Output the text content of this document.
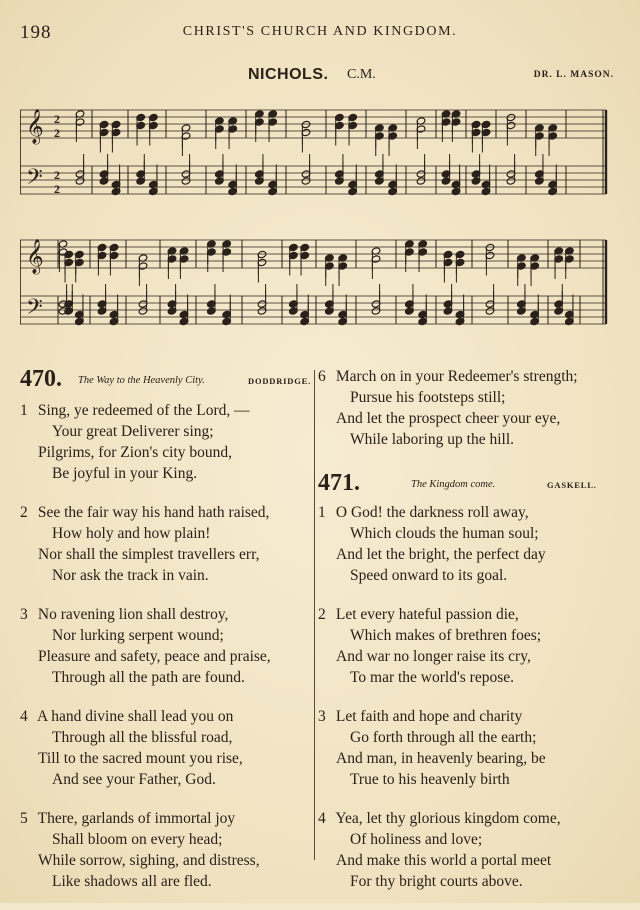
198	CHRIST'S CHURCH AND KINGDOM.
NICHOLS. C.M.	DR. L. MASON.
𝄞
𝄢
2
2
2
2
𝄞
𝄢
470. The Way to the Heavenly City.	DODDRIDGE.
1 Sing, ye redeemed of the Lord, —
Your great Deliverer sing;
Pilgrims, for Zion's city bound,
Be joyful in your King.
2 See the fair way his hand hath raised,
How holy and how plain!
Nor shall the simplest travellers err,
Nor ask the track in vain.
3 No ravening lion shall destroy,
Nor lurking serpent wound;
Pleasure and safety, peace and praise,
Through all the path are found.
4 A hand divine shall lead you on
Through all the blissful road,
Till to the sacred mount you rise,
And see your Father, God.
5 There, garlands of immortal joy
Shall bloom on every head;
While sorrow, sighing, and distress,
Like shadows all are fled.
6 March on in your Redeemer's strength;
Pursue his footsteps still;
And let the prospect cheer your eye,
While laboring up the hill.
471.	The Kingdom come.	GASKELL.
1 O God! the darkness roll away,
Which clouds the human soul;
And let the bright, the perfect day
Speed onward to its goal.
2 Let every hateful passion die,
Which makes of brethren foes;
And war no longer raise its cry,
To mar the world's repose.
3 Let faith and hope and charity
Go forth through all the earth;
And man, in heavenly bearing, be
True to his heavenly birth
4 Yea, let thy glorious kingdom come,
Of holiness and love;
And make this world a portal meet
For thy bright courts above.
